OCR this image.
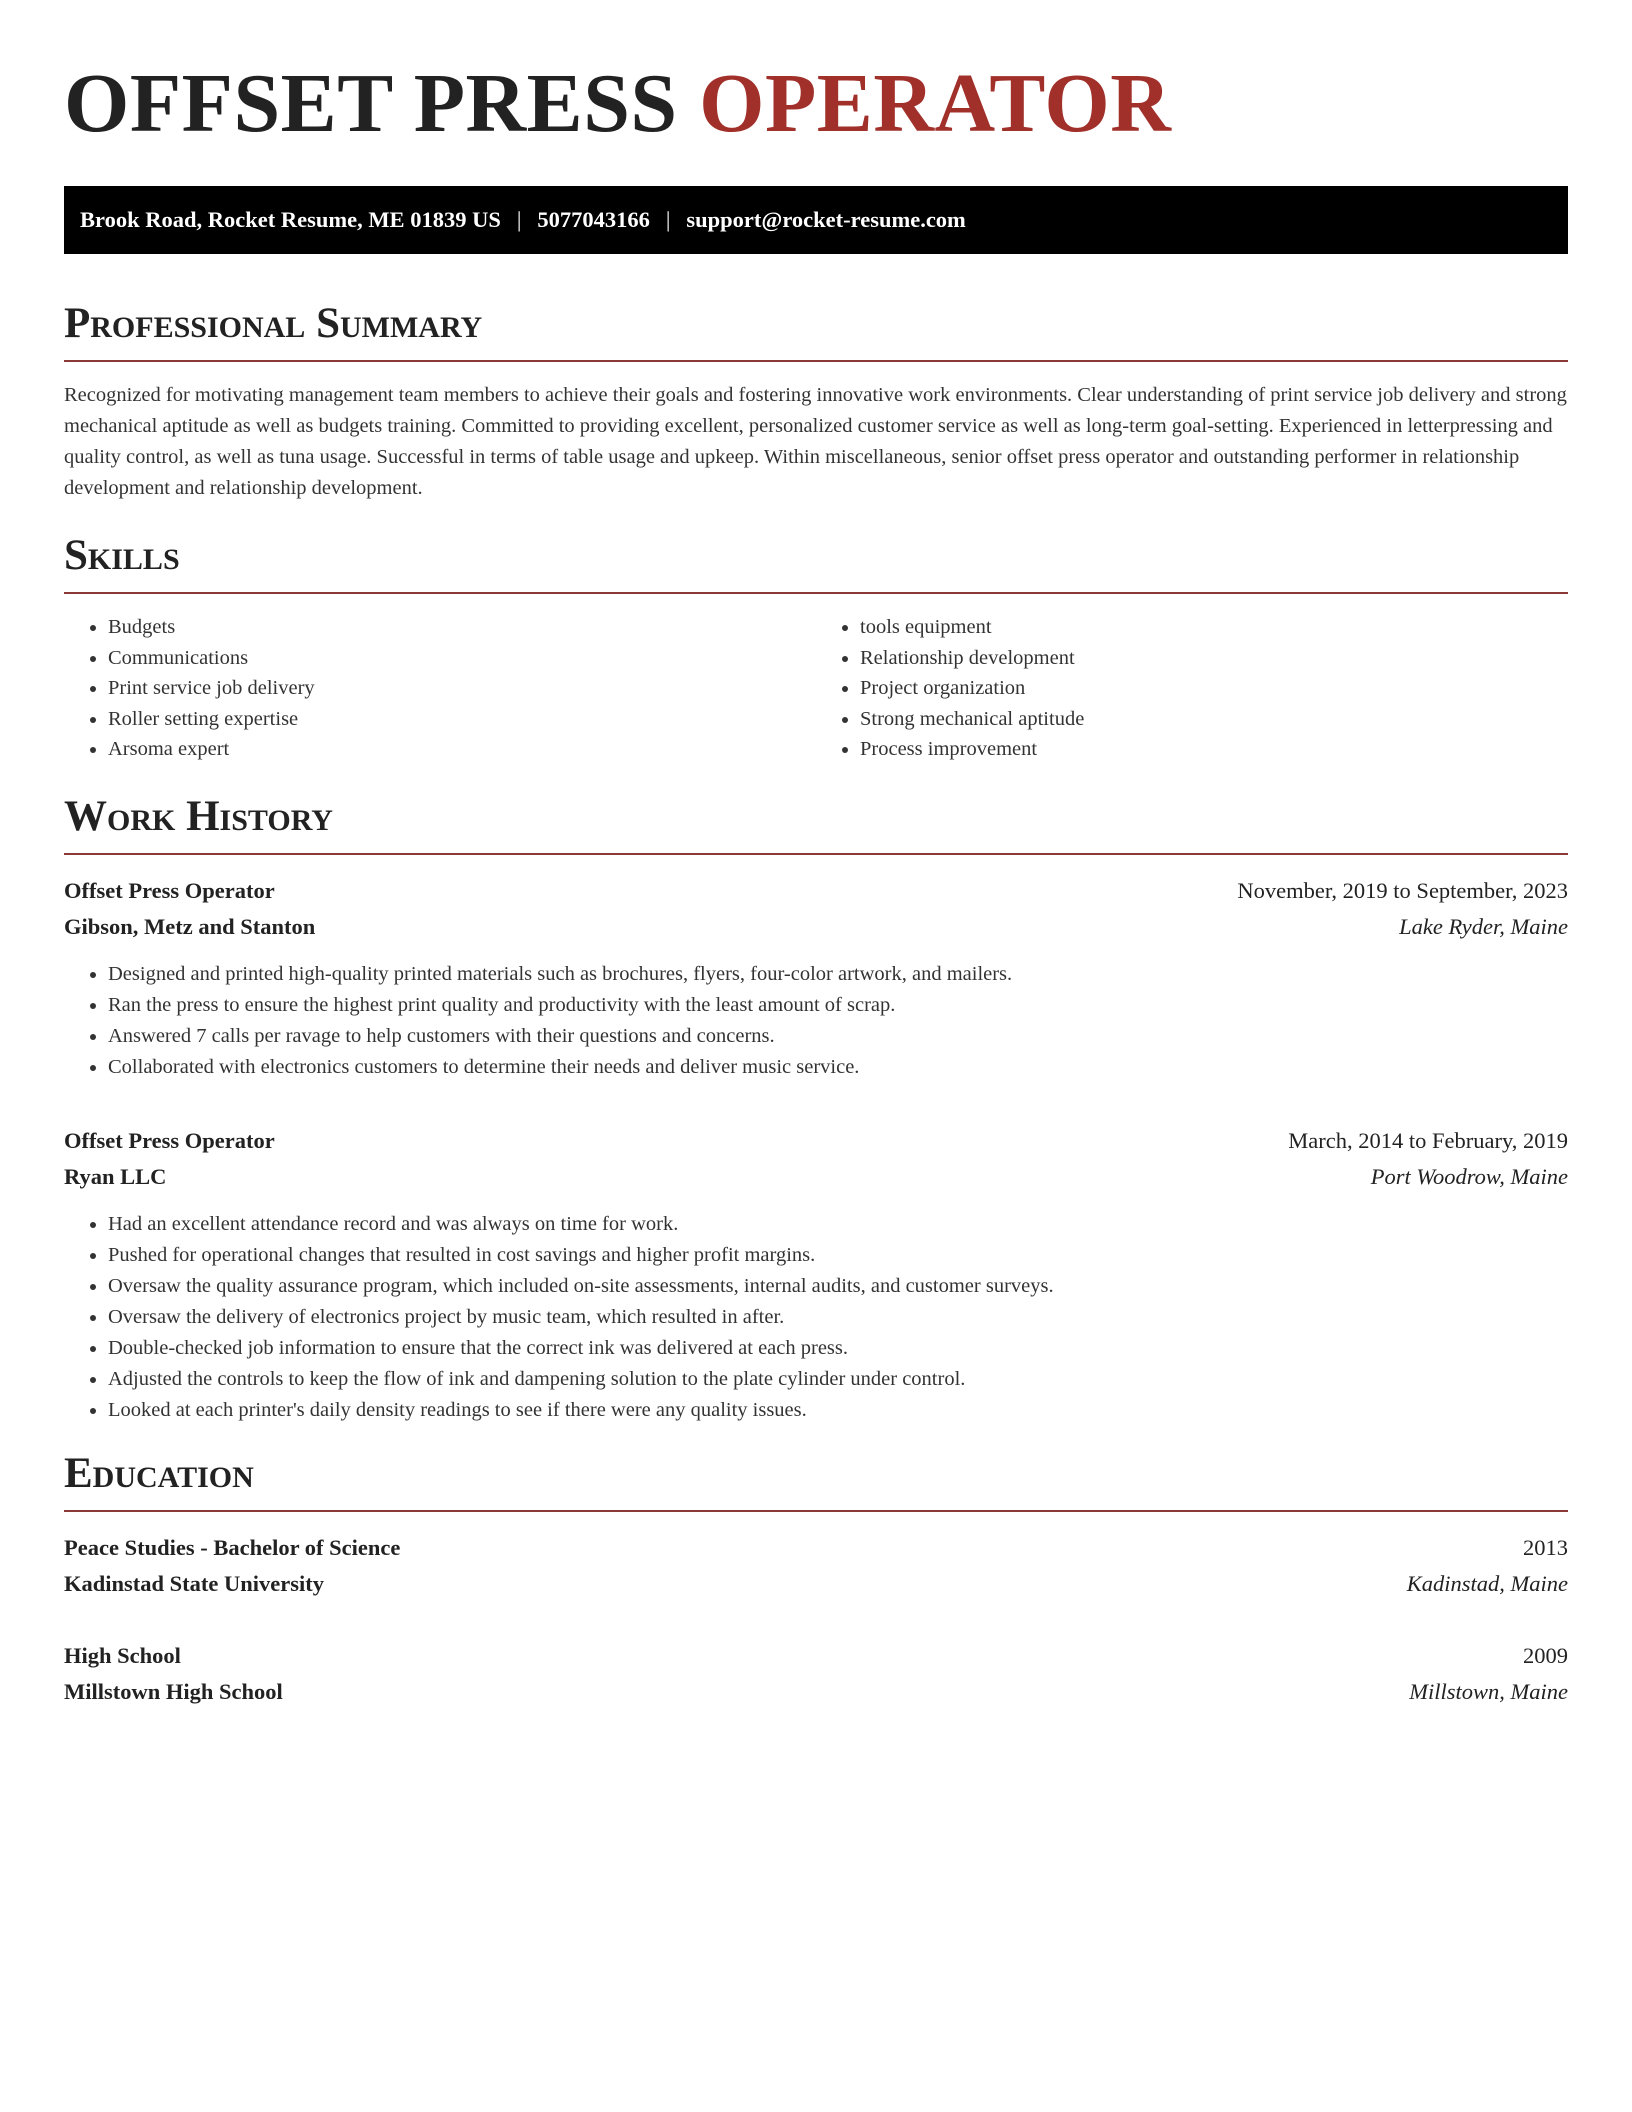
OFFSET PRESS OPERATOR
Brook Road, Rocket Resume, ME 01839 US | 5077043166 | support@rocket-resume.com
Professional Summary

Recognized for motivating management team members to achieve their goals and fostering innovative work environments. Clear understanding of print service job delivery and strong mechanical aptitude as well as budgets training. Committed to providing excellent, personalized customer service as well as long-term goal-setting. Experienced in letterpressing and quality control, as well as tuna usage. Successful in terms of table usage and upkeep. Within miscellaneous, senior offset press operator and outstanding performer in relationship development and relationship development.

Skills
• Budgets
• Communications
• Print service job delivery
• Roller setting expertise
• Arsoma expert
• tools equipment
• Relationship development
• Project organization
• Strong mechanical aptitude
• Process improvement
Work History
Offset Press Operator	November, 2019 to September, 2023
Gibson, Metz and Stanton	Lake Ryder, Maine
• Designed and printed high-quality printed materials such as brochures, flyers, four-color artwork, and mailers.
• Ran the press to ensure the highest print quality and productivity with the least amount of scrap.
• Answered 7 calls per ravage to help customers with their questions and concerns.
• Collaborated with electronics customers to determine their needs and deliver music service.
Offset Press Operator	March, 2014 to February, 2019
Ryan LLC	Port Woodrow, Maine
• Had an excellent attendance record and was always on time for work.
• Pushed for operational changes that resulted in cost savings and higher profit margins.
• Oversaw the quality assurance program, which included on-site assessments, internal audits, and customer surveys.
• Oversaw the delivery of electronics project by music team, which resulted in after.
• Double-checked job information to ensure that the correct ink was delivered at each press.
• Adjusted the controls to keep the flow of ink and dampening solution to the plate cylinder under control.
• Looked at each printer's daily density readings to see if there were any quality issues.
Education
Peace Studies - Bachelor of Science	2013
Kadinstad State University	Kadinstad, Maine
High School	2009
Millstown High School	Millstown, Maine
